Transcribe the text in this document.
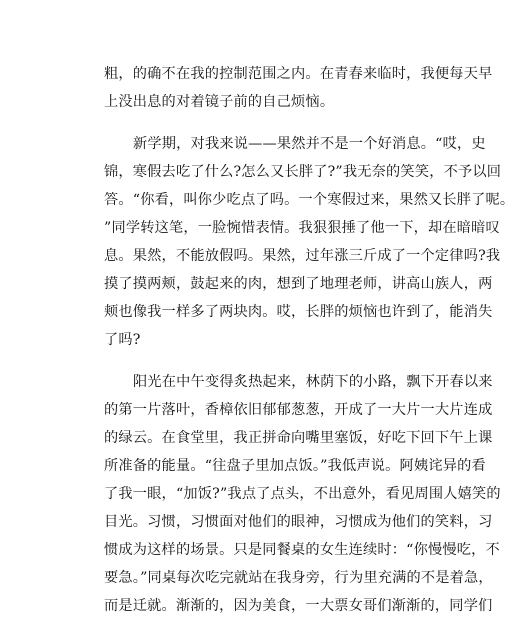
粗，的确不在我的控制范围之内。在青春来临时，我便每天早
上没出息的对着镜子前的自己烦恼。
新学期，对我来说——果然并不是一个好消息。“哎，史
锦，寒假去吃了什么?怎么又长胖了?”我无奈的笑笑，不予以回
答。“你看，叫你少吃点了吗。一个寒假过来，果然又长胖了呢。
”同学转这笔，一脸惋惜表情。我狠狠捶了他一下，却在暗暗叹
息。果然，不能放假吗。果然，过年涨三斤成了一个定律吗?我
摸了摸两颊，鼓起来的肉，想到了地理老师，讲高山族人，两
颊也像我一样多了两块肉。哎，长胖的烦恼也许到了，能消失
了吗?
阳光在中午变得炙热起来，林荫下的小路，飘下开春以来
的第一片落叶，香樟依旧郁郁葱葱，开成了一大片一大片连成
的绿云。在食堂里，我正拼命向嘴里塞饭，好吃下回下午上课
所准备的能量。“往盘子里加点饭。”我低声说。阿姨诧异的看
了我一眼，“加饭?”我点了点头，不出意外，看见周围人嬉笑的
目光。习惯，习惯面对他们的眼神，习惯成为他们的笑料，习
惯成为这样的场景。只是同餐桌的女生连续时：“你慢慢吃，不
要急。”同桌每次吃完就站在我身旁，行为里充满的不是着急，
而是迁就。渐渐的，因为美食，一大票女哥们渐渐的，同学们
